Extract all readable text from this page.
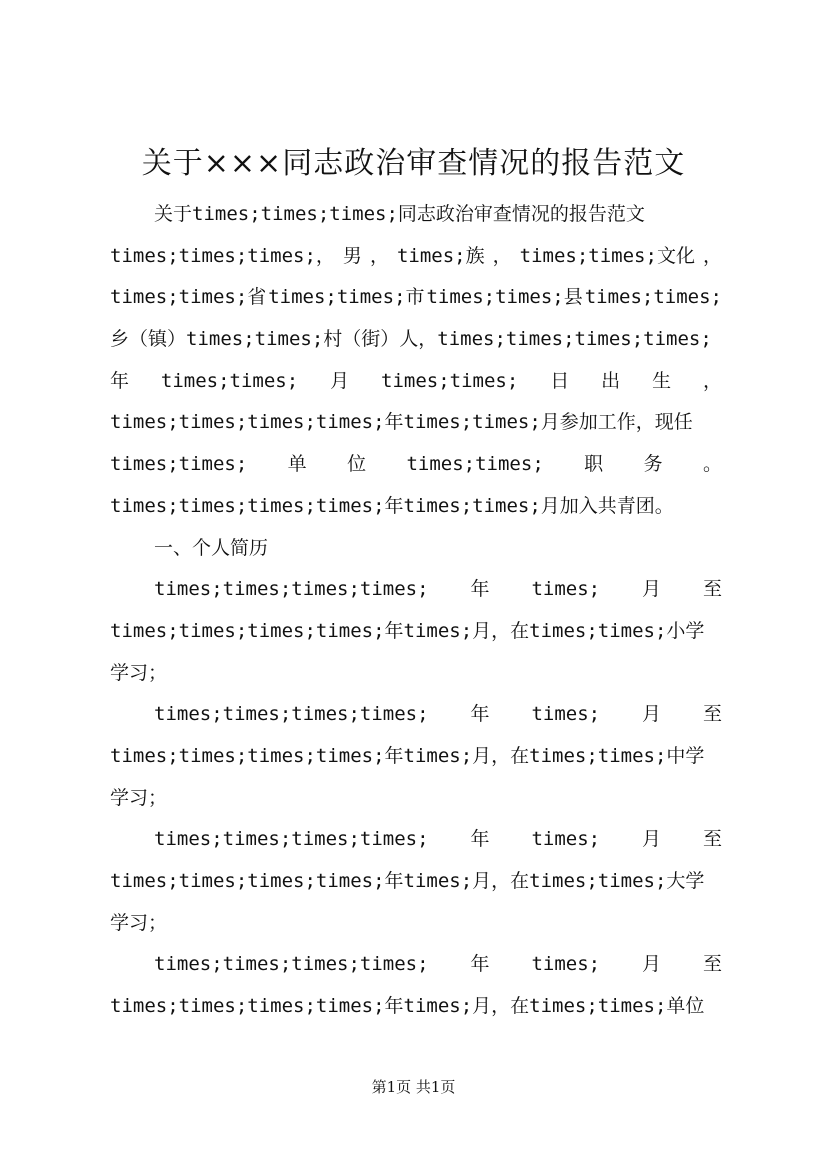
关于×××同志政治审查情况的报告范文
关于times;times;times;同志政治审查情况的报告范文
times;times;times;， 男 ， times;族 ， times;times;文化 ，
times;times;省 times;times;市 times;times;县 times;times;
乡（镇）times;times;村（街）人，times;times;times;times;
年 times;times; 月 times;times; 日 出 生 ，
times;times;times;times;年times;times;月参加工作，现任
times;times; 单 位 times;times; 职 务 。
times;times;times;times;年times;times;月加入共青团。
一、个人简历
times;times;times;times; 年 times; 月 至
times;times;times;times;年times;月，在times;times;小学
学习；
times;times;times;times; 年 times; 月 至
times;times;times;times;年times;月，在times;times;中学
学习；
times;times;times;times; 年 times; 月 至
times;times;times;times;年times;月，在times;times;大学
学习；
times;times;times;times; 年 times; 月 至
times;times;times;times;年times;月，在times;times;单位
第1页 共1页
